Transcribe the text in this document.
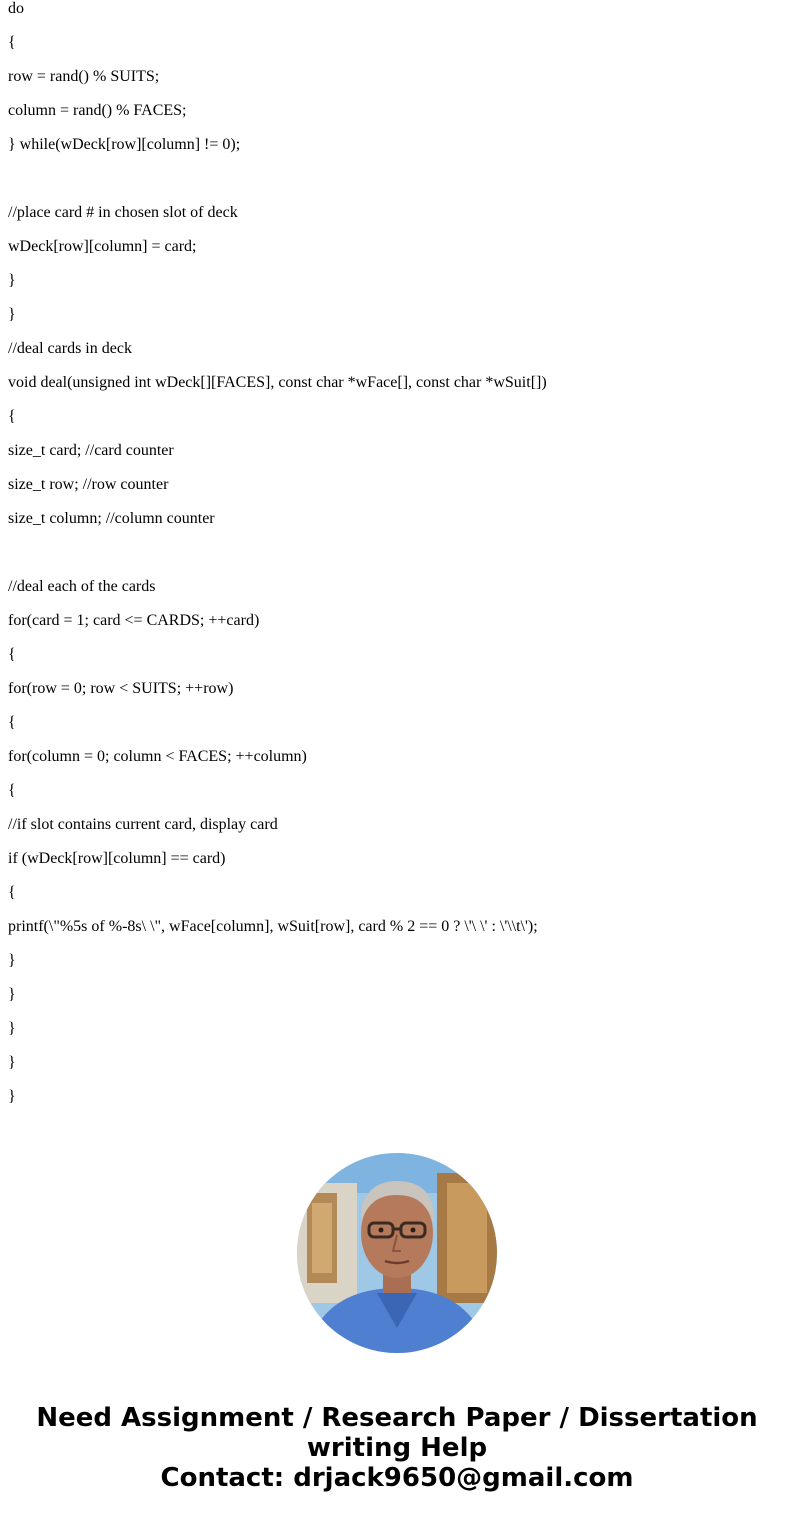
do

{

row = rand() % SUITS;

column = rand() % FACES;

} while(wDeck[row][column] != 0);

//place card # in chosen slot of deck

wDeck[row][column] = card;

}

}

//deal cards in deck

void deal(unsigned int wDeck[][FACES], const char *wFace[], const char *wSuit[])

{

size_t card; //card counter

size_t row; //row counter

size_t column; //column counter

//deal each of the cards

for(card = 1; card <= CARDS; ++card)

{

for(row = 0; row < SUITS; ++row)

{

for(column = 0; column < FACES; ++column)

{

//if slot contains current card, display card

if (wDeck[row][column] == card)

{

printf(\"%5s of %-8s\ \", wFace[column], wSuit[row], card % 2 == 0 ? \'\ \' : \'\\t\');

}

}

}

}

}

Need Assignment / Research Paper / Dissertation
writing Help
Contact: drjack9650@gmail.com
